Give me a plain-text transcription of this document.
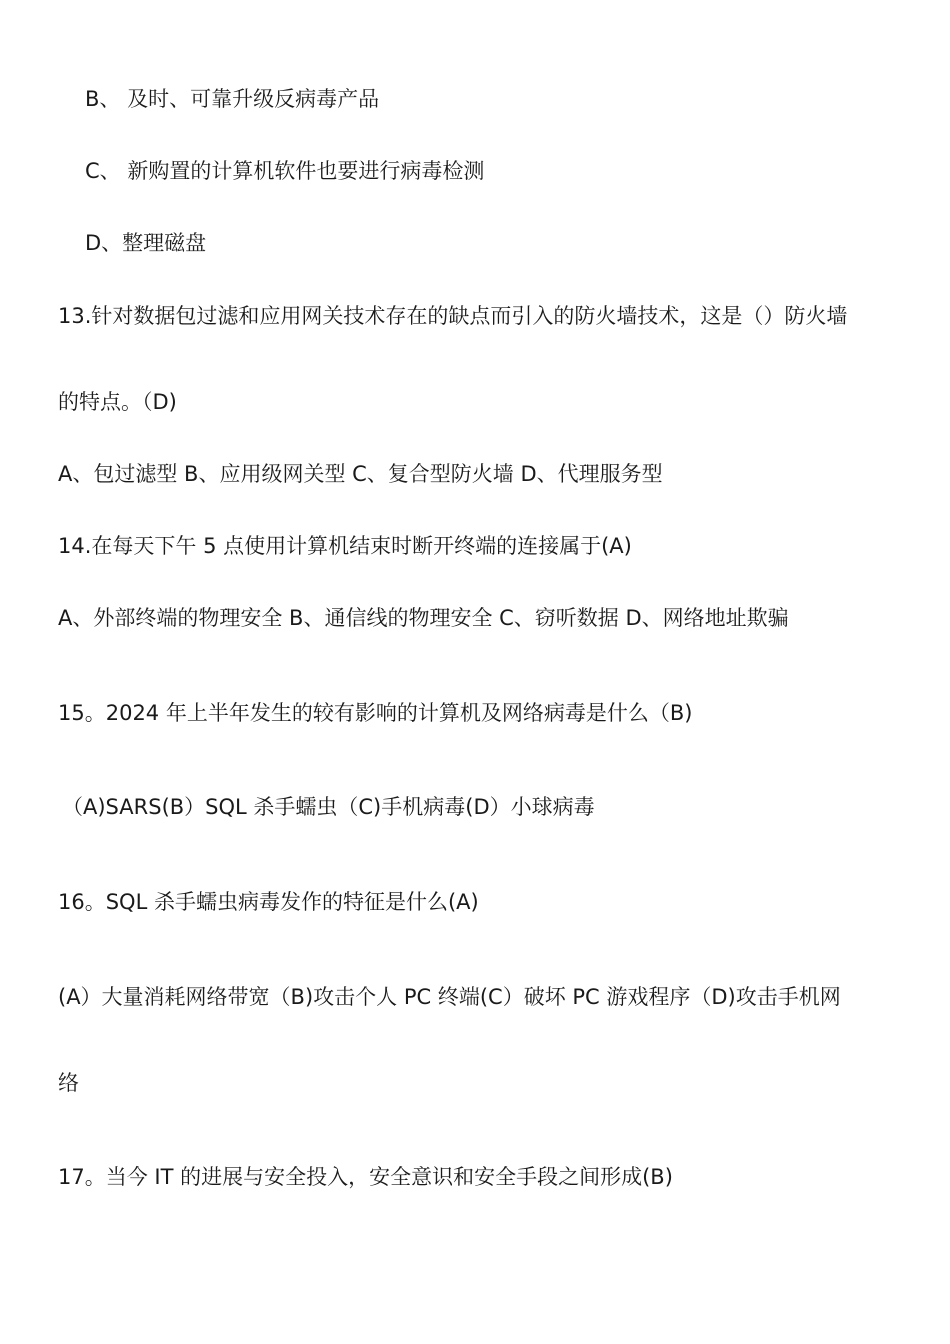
B、 及时、可靠升级反病毒产品
C、 新购置的计算机软件也要进行病毒检测
D、整理磁盘
13.针对数据包过滤和应用网关技术存在的缺点而引入的防火墙技术，这是（）防火墙
的特点。（D)
A、包过滤型 B、应用级网关型 C、复合型防火墙 D、代理服务型
14.在每天下午 5 点使用计算机结束时断开终端的连接属于(A)
A、外部终端的物理安全 B、通信线的物理安全 C、窃听数据 D、网络地址欺骗
15。2024 年上半年发生的较有影响的计算机及网络病毒是什么（B)
（A)SARS(B）SQL 杀手蠕虫（C)手机病毒(D）小球病毒
16。SQL 杀手蠕虫病毒发作的特征是什么(A)
(A）大量消耗网络带宽（B)攻击个人 PC 终端(C）破坏 PC 游戏程序（D)攻击手机网
络
17。当今 IT 的进展与安全投入，安全意识和安全手段之间形成(B)
